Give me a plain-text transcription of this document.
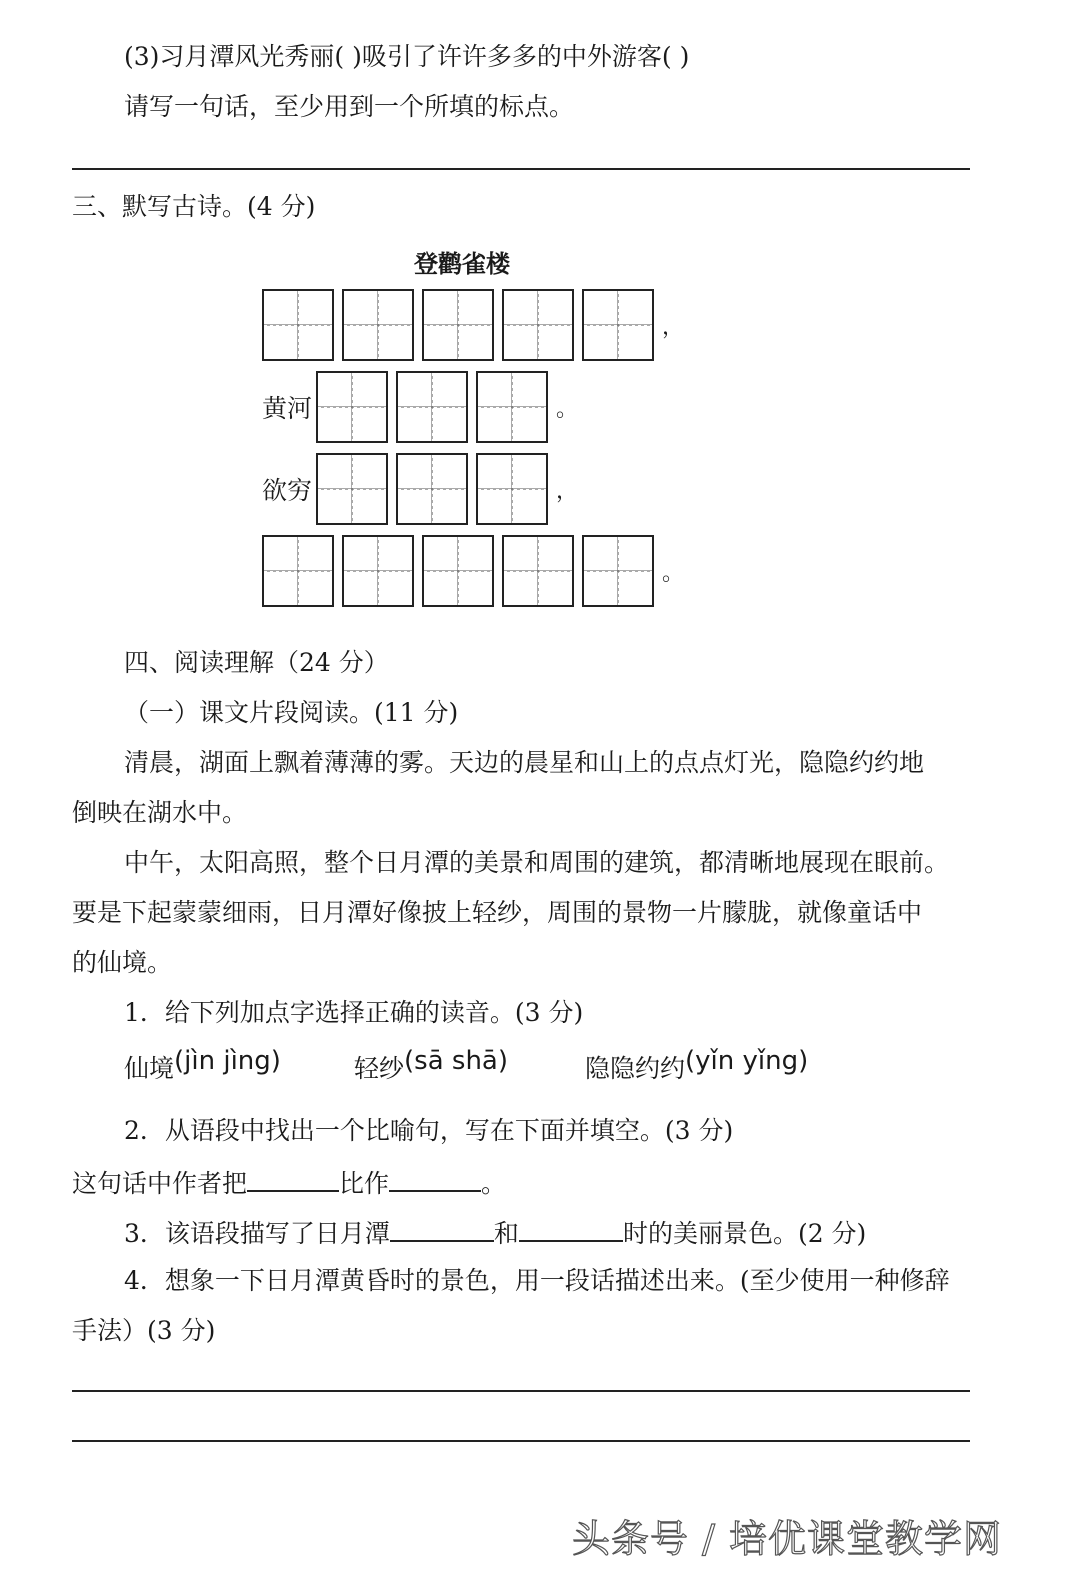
(3)习月潭风光秀丽( )吸引了许许多多的中外游客( )
请写一句话，至少用到一个所填的标点。
三、默写古诗。(4 分)
登鹳雀楼
，
黄河	。
欲穷	，
。
四、阅读理解（24 分）
（一）课文片段阅读。(11 分)
清晨，湖面上飘着薄薄的雾。天边的晨星和山上的点点灯光，隐隐约约地
倒映在湖水中。
中午，太阳高照，整个日月潭的美景和周围的建筑，都清晰地展现在眼前。
要是下起蒙蒙细雨，日月潭好像披上轻纱，周围的景物一片朦胧，就像童话中
的仙境。
1．给下列加点字选择正确的读音。(3 分)
仙境(jìn jìng)	轻纱(sā shā)	隐隐约约(yǐn yǐng)
2．从语段中找出一个比喻句，写在下面并填空。(3 分)
这句话中作者把	比作	。
3．该语段描写了日月潭	和	时的美丽景色。(2 分)
4．想象一下日月潭黄昏时的景色，用一段话描述出来。(至少使用一种修辞
手法）(3 分)
头条号 / 培优课堂教学网
